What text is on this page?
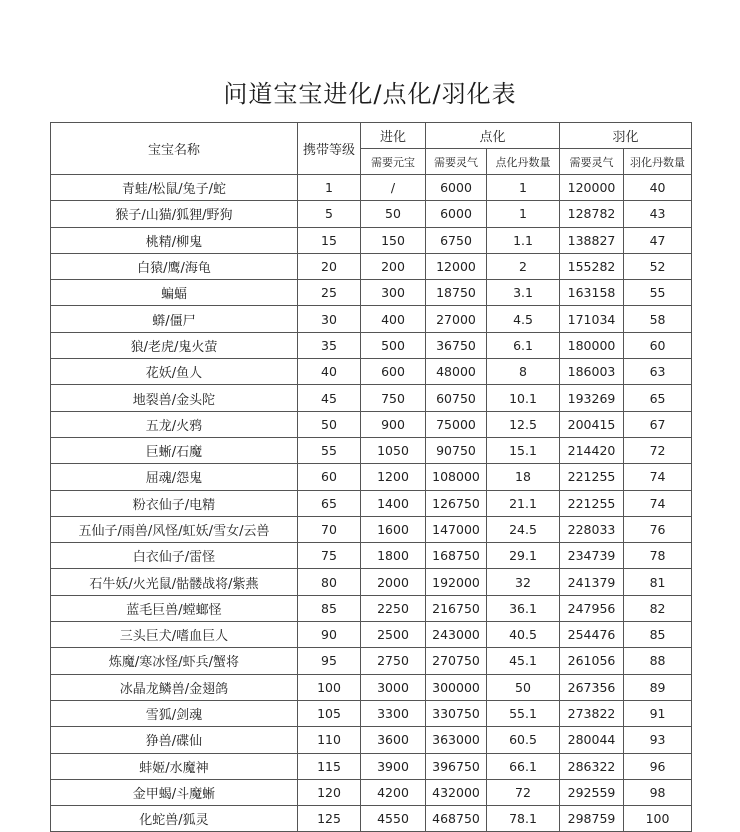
问道宝宝进化/点化/羽化表
宝宝名称	携带等级	进化	点化		羽化	
		需要元宝	需要灵气	点化丹数量	需要灵气	羽化丹数量
青蛙/松鼠/兔子/蛇	1	/	6000	1	120000	40
猴子/山猫/狐狸/野狗	5	50	6000	1	128782	43
桃精/柳鬼	15	150	6750	1.1	138827	47
白猿/鹰/海龟	20	200	12000	2	155282	52
蝙蝠	25	300	18750	3.1	163158	55
蟒/僵尸	30	400	27000	4.5	171034	58
狼/老虎/鬼火萤	35	500	36750	6.1	180000	60
花妖/鱼人	40	600	48000	8	186003	63
地裂兽/金头陀	45	750	60750	10.1	193269	65
五龙/火鸦	50	900	75000	12.5	200415	67
巨蜥/石魔	55	1050	90750	15.1	214420	72
屈魂/怨鬼	60	1200	108000	18	221255	74
粉衣仙子/电精	65	1400	126750	21.1	221255	74
五仙子/雨兽/风怪/虹妖/雪女/云兽	70	1600	147000	24.5	228033	76
白衣仙子/雷怪	75	1800	168750	29.1	234739	78
石牛妖/火光鼠/骷髅战将/紫燕	80	2000	192000	32	241379	81
蓝毛巨兽/螳螂怪	85	2250	216750	36.1	247956	82
三头巨犬/嗜血巨人	90	2500	243000	40.5	254476	85
炼魔/寒冰怪/虾兵/蟹将	95	2750	270750	45.1	261056	88
冰晶龙鳞兽/金翅鸽	100	3000	300000	50	267356	89
雪狐/剑魂	105	3300	330750	55.1	273822	91
狰兽/碟仙	110	3600	363000	60.5	280044	93
蚌姬/水魔神	115	3900	396750	66.1	286322	96
金甲蝎/斗魔蜥	120	4200	432000	72	292559	98
化蛇兽/狐灵	125	4550	468750	78.1	298759	100
